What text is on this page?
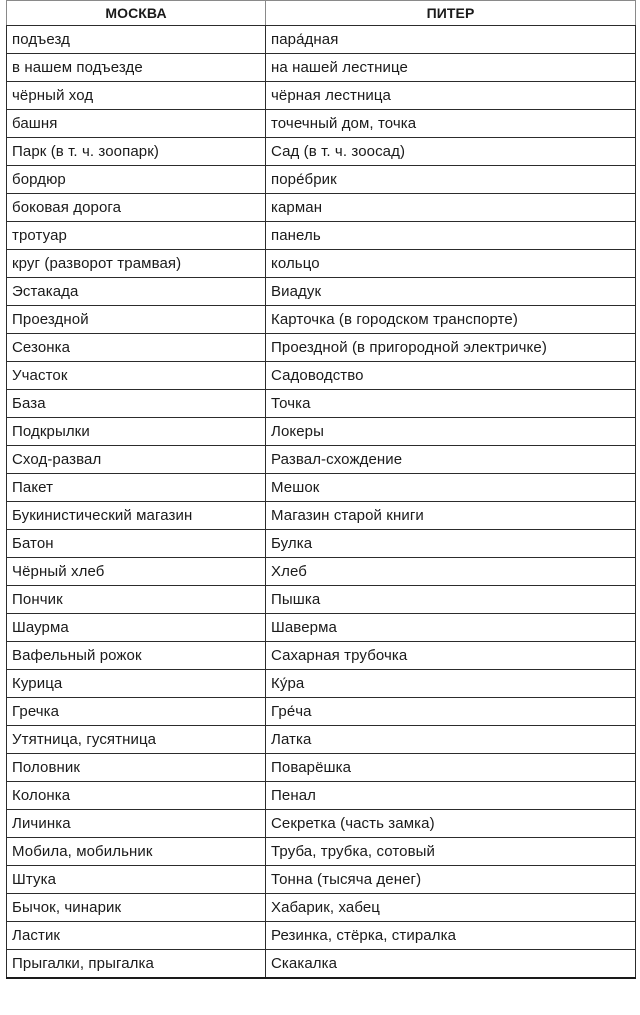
МОСКВА	ПИТЕР
подъезд	пара́дная
в нашем подъезде	на нашей лестнице
чёрный ход	чёрная лестница
башня	точечный дом, точка
Парк (в т. ч. зоопарк)	Сад (в т. ч. зоосад)
бордюр	поре́брик
боковая дорога	карман
тротуар	панель
круг (разворот трамвая)	кольцо
Эстакада	Виадук
Проездной	Карточка (в городском транспорте)
Сезонка	Проездной (в пригородной электричке)
Участок	Садоводство
База	Точка
Подкрылки	Локеры
Сход-развал	Развал-схождение
Пакет	Мешок
Букинистический магазин	Магазин старой книги
Батон	Булка
Чёрный хлеб	Хлеб
Пончик	Пышка
Шаурма	Шаверма
Вафельный рожок	Сахарная трубочка
Курица	Ку́ра
Гречка	Гре́ча
Утятница, гусятница	Латка
Половник	Поварёшка
Колонка	Пенал
Личинка	Секретка (часть замка)
Мобила, мобильник	Труба, трубка, сотовый
Штука	Тонна (тысяча денег)
Бычок, чинарик	Хабарик, хабец
Ластик	Резинка, стёрка, стиралка
Прыгалки, прыгалка	Скакалка
